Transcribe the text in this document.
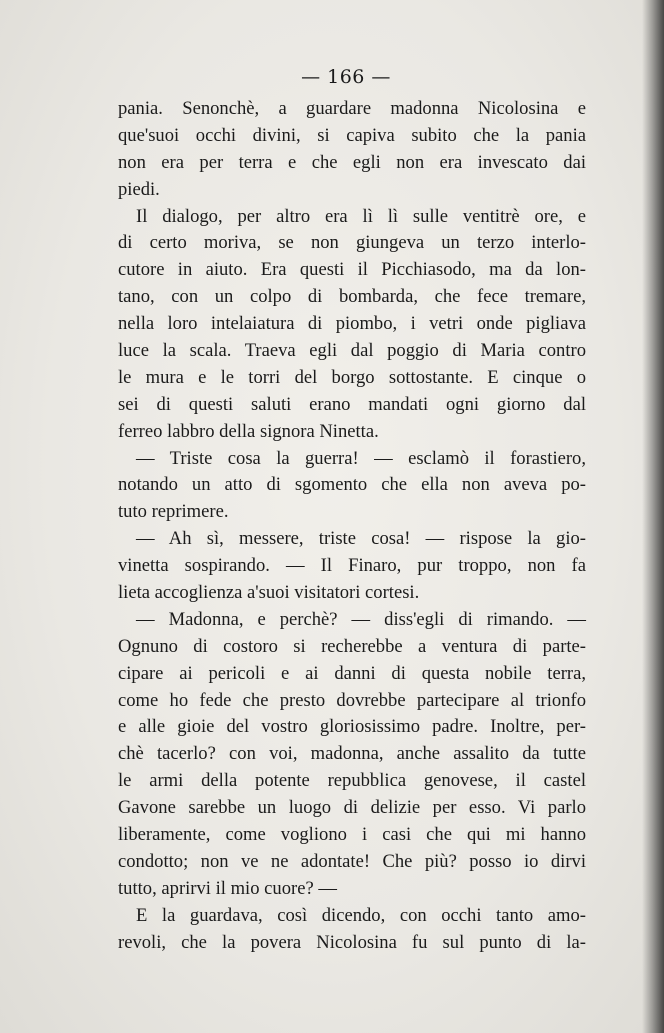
— 166 —
pania. Senonchè, a guardare madonna Nicolosina e
que'suoi occhi divini, si capiva subito che la pania
non era per terra e che egli non era invescato dai
piedi.
Il dialogo, per altro era lì lì sulle ventitrè ore, e
di certo moriva, se non giungeva un terzo interlo-
cutore in aiuto. Era questi il Picchiasodo, ma da lon-
tano, con un colpo di bombarda, che fece tremare,
nella loro intelaiatura di piombo, i vetri onde pigliava
luce la scala. Traeva egli dal poggio di Maria contro
le mura e le torri del borgo sottostante. E cinque o
sei di questi saluti erano mandati ogni giorno dal
ferreo labbro della signora Ninetta.
— Triste cosa la guerra! — esclamò il forastiero,
notando un atto di sgomento che ella non aveva po-
tuto reprimere.
— Ah sì, messere, triste cosa! — rispose la gio-
vinetta sospirando. — Il Finaro, pur troppo, non fa
lieta accoglienza a'suoi visitatori cortesi.
— Madonna, e perchè? — diss'egli di rimando. —
Ognuno di costoro si recherebbe a ventura di parte-
cipare ai pericoli e ai danni di questa nobile terra,
come ho fede che presto dovrebbe partecipare al trionfo
e alle gioie del vostro gloriosissimo padre. Inoltre, per-
chè tacerlo? con voi, madonna, anche assalito da tutte
le armi della potente repubblica genovese, il castel
Gavone sarebbe un luogo di delizie per esso. Vi parlo
liberamente, come vogliono i casi che qui mi hanno
condotto; non ve ne adontate! Che più? posso io dirvi
tutto, aprirvi il mio cuore? —
E la guardava, così dicendo, con occhi tanto amo-
revoli, che la povera Nicolosina fu sul punto di la-
